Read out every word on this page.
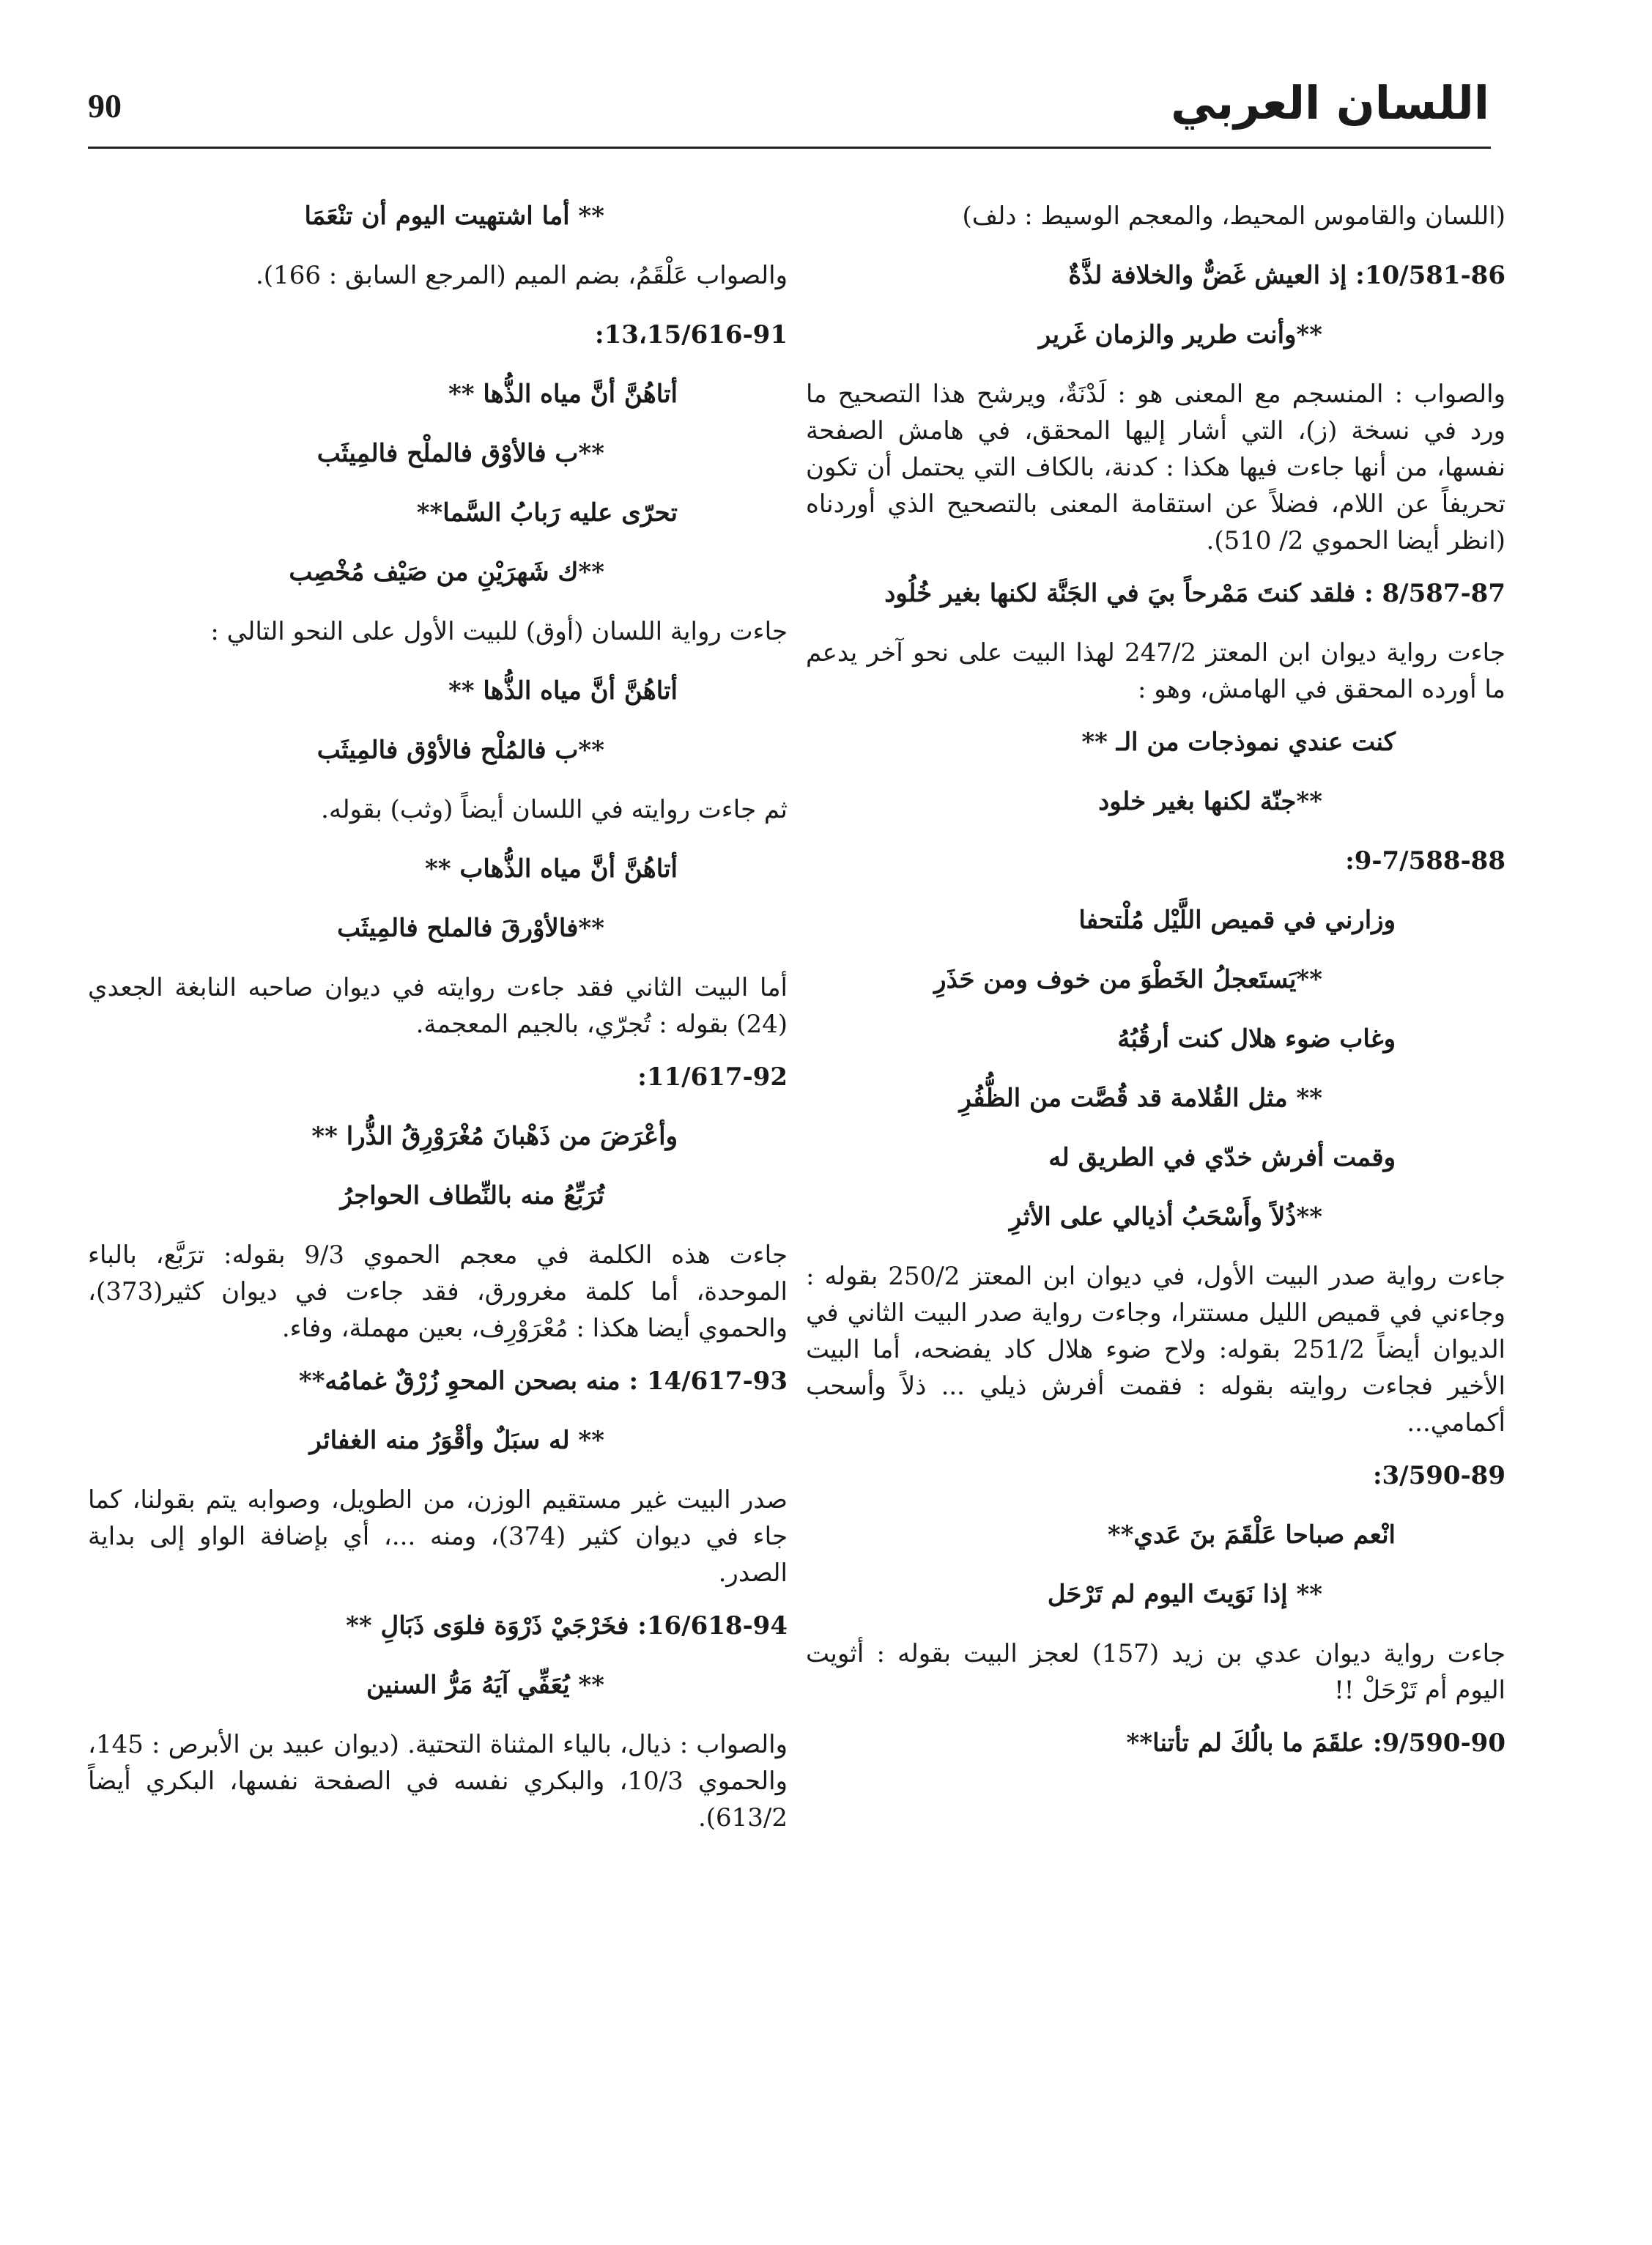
90	اللسان العربي
(اللسان والقاموس المحيط، والمعجم الوسيط : دلف)
10/581-86: إذ العيش غَضٌّ والخلافة لذَّةٌ
**وأنت طرير والزمان غَرير
والصواب : المنسجم مع المعنى هو : لَدْنَةٌ، ويرشح هذا التصحيح ما ورد في نسخة (ز)، التي أشار إليها المحقق، في هامش الصفحة نفسها، من أنها جاءت فيها هكذا : كدنة، بالكاف التي يحتمل أن تكون تحريفاً عن اللام، فضلاً عن استقامة المعنى بالتصحيح الذي أوردناه (انظر أيضا الحموي 2/ 510).
8/587-87 : فلقد كنتَ مَمْرحاً بيَ في الجَنَّة لكنها بغير خُلُود
جاءت رواية ديوان ابن المعتز 247/2 لهذا البيت على نحو آخر يدعم ما أورده المحقق في الهامش، وهو :
كنت عندي نموذجات من الـ **
**جنّة لكنها بغير خلود
9-7/588-88:
وزارني في قميص اللَّيْل مُلْتحفا
**يَستَعجلُ الخَطْوَ من خوف ومن حَذَرِ
وغاب ضوء هلال كنت أرقُبُهُ
** مثل القُلامة قد قُصَّت من الظُّفُرِ
وقمت أفرش خدّي في الطريق له
**ذُلاً وأَسْحَبُ أذيالي على الأثرِ
جاءت رواية صدر البيت الأول، في ديوان ابن المعتز 250/2 بقوله : وجاءني في قميص الليل مستترا، وجاءت رواية صدر البيت الثاني في الديوان أيضاً 251/2 بقوله: ولاح ضوء هلال كاد يفضحه، أما البيت الأخير فجاءت روايته بقوله : فقمت أفرش ذيلي ... ذلاً وأسحب أكمامي...
3/590-89:
انْعم صباحا عَلْقَمَ بنَ عَدي**
** إذا نَوَيتَ اليوم لم تَرْحَل
جاءت رواية ديوان عدي بن زيد (157) لعجز البيت بقوله : أثويت اليوم أم تَرْحَلْ !!
9/590-90: علقَمَ ما بالُكَ لم تأتنا**
** أما اشتهيت اليوم أن تنْعَمَا
والصواب عَلْقَمُ، بضم الميم (المرجع السابق : 166).
13،15/616-91:
أتاهُنَّ أنَّ مياه الذُّها **
**ب فالأوْق فالملْح فالمِيثَب
تحرّى عليه رَبابُ السَّما**
**ك شَهرَيْنِ من صَيْف مُخْصِب
جاءت رواية اللسان (أوق) للبيت الأول على النحو التالي :
أتاهُنَّ أنَّ مياه الذُّها **
**ب فالمُلْح فالأوْق فالمِيثَب
ثم جاءت روايته في اللسان أيضاً (وثب) بقوله.
أتاهُنَّ أنَّ مياه الذُّهاب **
**فالأوْرقَ فالملح فالمِيثَب
أما البيت الثاني فقد جاءت روايته في ديوان صاحبه النابغة الجعدي (24) بقوله : تُجرّي، بالجيم المعجمة.
11/617-92:
وأعْرَضَ من ذَهْبانَ مُغْرَوْرِقُ الذُّرا **
تُرَبِّعُ منه بالنِّطاف الحواجرُ
جاءت هذه الكلمة في معجم الحموي 9/3 بقوله: ترَبَّع، بالباء الموحدة، أما كلمة مغرورق، فقد جاءت في ديوان كثير(373)، والحموي أيضا هكذا : مُعْرَوْرِف، بعين مهملة، وفاء.
14/617-93 : منه بصحن المحوِ زُرْقٌ غمامُه**
** له سبَلٌ وأقْوَرُ منه الغفائر
صدر البيت غير مستقيم الوزن، من الطويل، وصوابه يتم بقولنا، كما جاء في ديوان كثير (374)، ومنه ...، أي بإضافة الواو إلى بداية الصدر.
16/618-94: فخَرْجَيْ ذَرْوَة فلوَى ذَبَالِ **
** يُعَفِّي آيَهُ مَرُّ السنين
والصواب : ذيال، بالياء المثناة التحتية. (ديوان عبيد بن الأبرص : 145، والحموي 10/3، والبكري نفسه في الصفحة نفسها، البكري أيضاً 613/2).
